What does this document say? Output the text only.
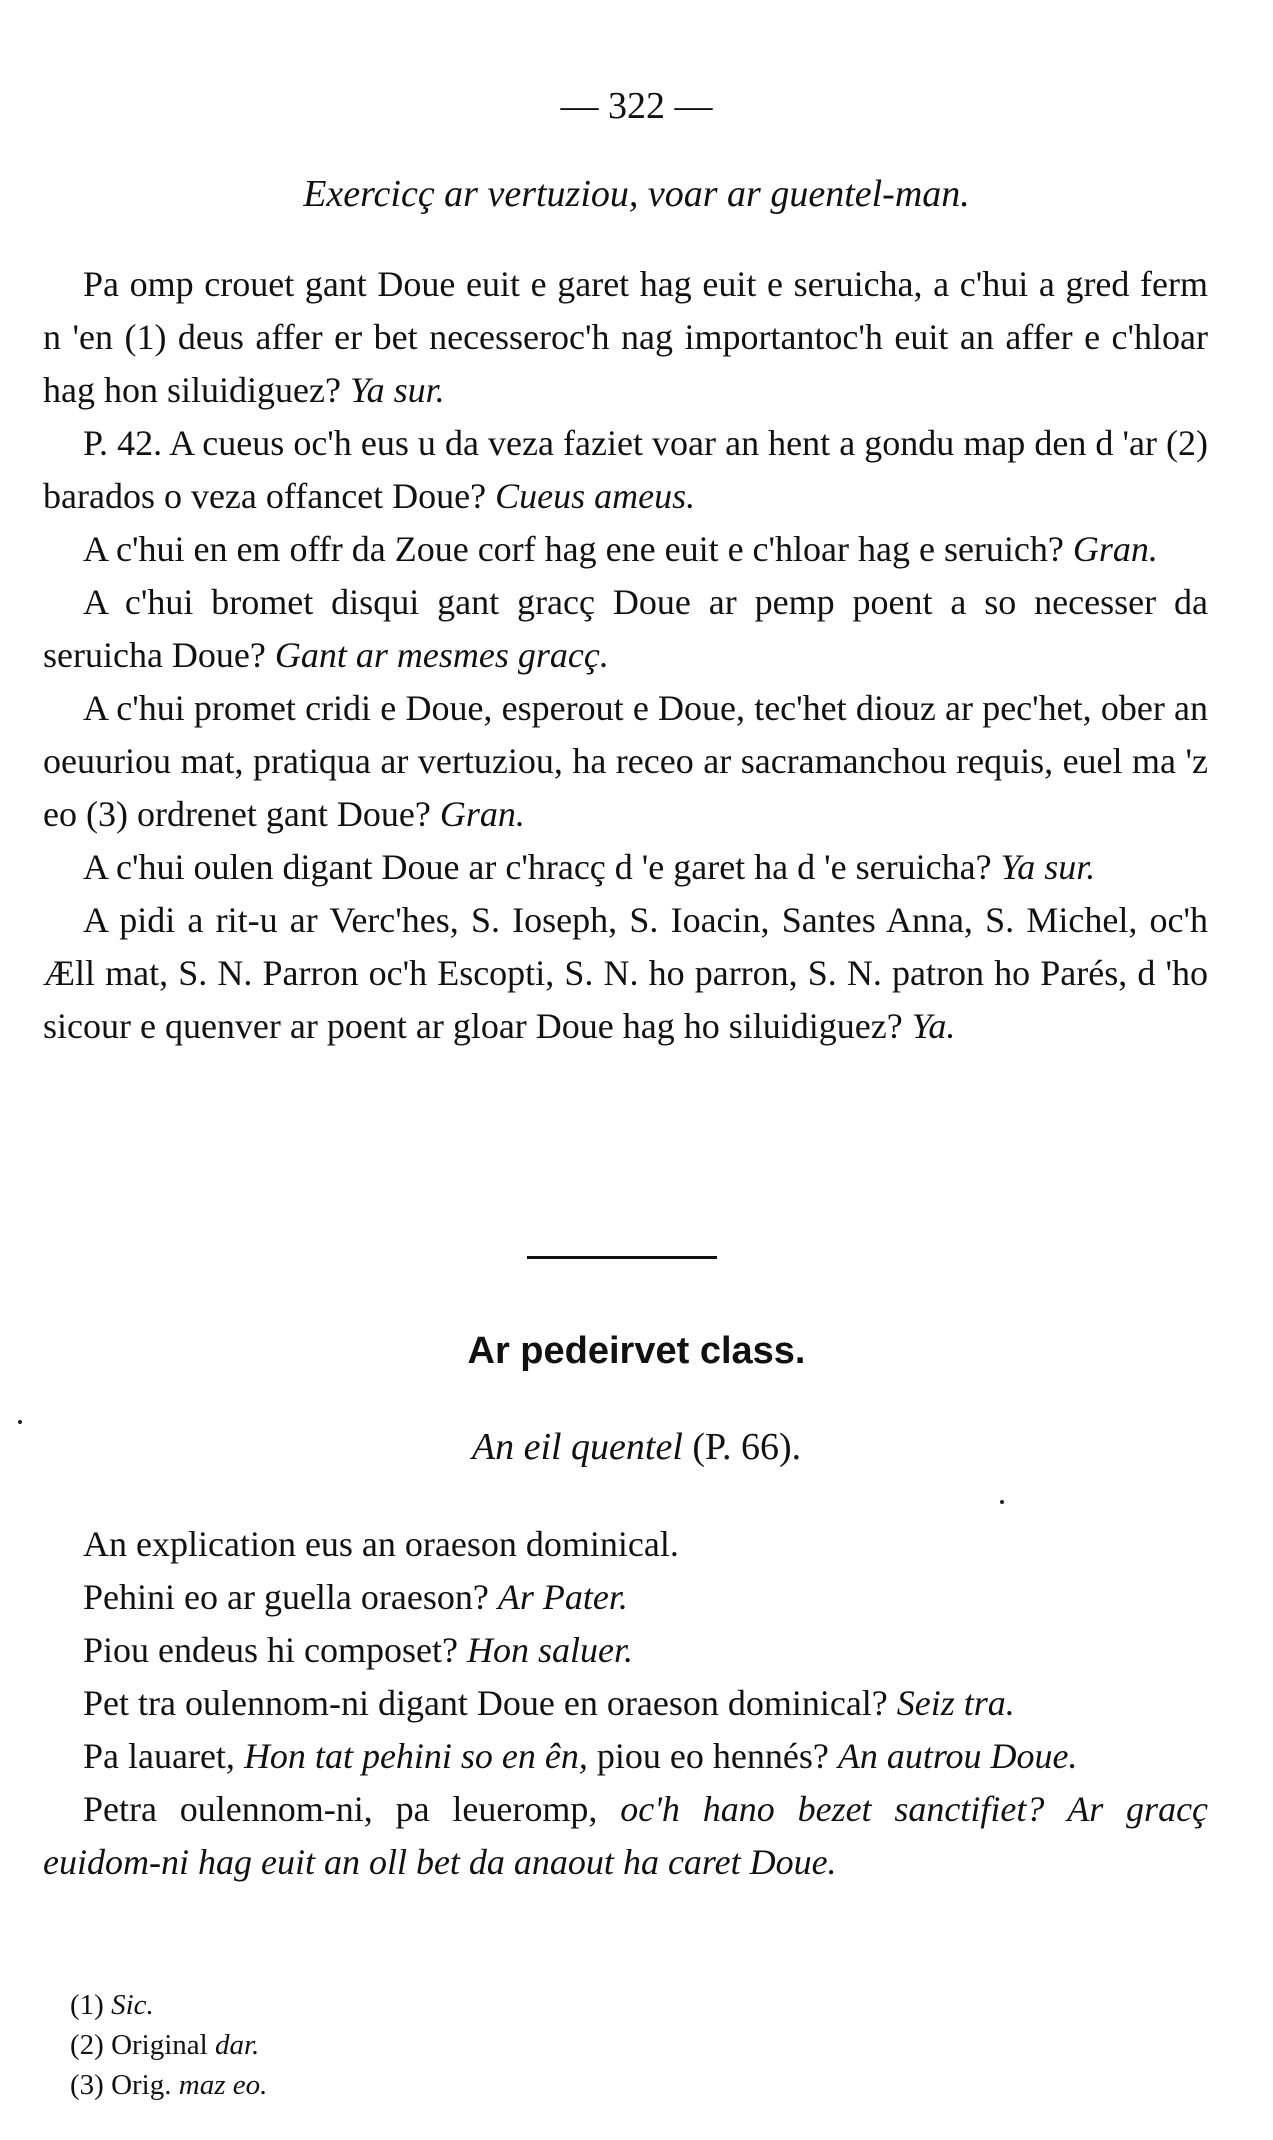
— 322 —
Exercicç ar vertuziou, voar ar guentel-man.

Pa omp crouet gant Doue euit e garet hag euit e seruicha, a c'hui a gred ferm n 'en (1) deus affer er bet necesseroc'h nag importantoc'h euit an affer e c'hloar hag hon siluidiguez? Ya sur.

P. 42. A cueus oc'h eus u da veza faziet voar an hent a gondu map den d 'ar (2) barados o veza offancet Doue? Cueus ameus.

A c'hui en em offr da Zoue corf hag ene euit e c'hloar hag e seruich? Gran.

A c'hui bromet disqui gant gracç Doue ar pemp poent a so necesser da seruicha Doue? Gant ar mesmes gracç.

A c'hui promet cridi e Doue, esperout e Doue, tec'het diouz ar pec'het, ober an oeuuriou mat, pratiqua ar vertuziou, ha receo ar sacramanchou requis, euel ma 'z eo (3) ordrenet gant Doue? Gran.

A c'hui oulen digant Doue ar c'hracç d 'e garet ha d 'e seruicha? Ya sur.

A pidi a rit-u ar Verc'hes, S. Ioseph, S. Ioacin, Santes Anna, S. Michel, oc'h Æll mat, S. N. Parron oc'h Escopti, S. N. ho parron, S. N. patron ho Parés, d 'ho sicour e quenver ar poent ar gloar Doue hag ho siluidiguez? Ya.

Ar pedeirvet class.
An eil quentel (P. 66).

An explication eus an oraeson dominical.

Pehini eo ar guella oraeson? Ar Pater.

Piou endeus hi composet? Hon saluer.

Pet tra oulennom-ni digant Doue en oraeson dominical? Seiz tra.

Pa lauaret, Hon tat pehini so en ên, piou eo hennés? An autrou Doue.

Petra oulennom-ni, pa leueromp, oc'h hano bezet sanctifiet? Ar gracç euidom-ni hag euit an oll bet da anaout ha caret Doue.

(1) Sic.
(2) Original dar.
(3) Orig. maz eo.
